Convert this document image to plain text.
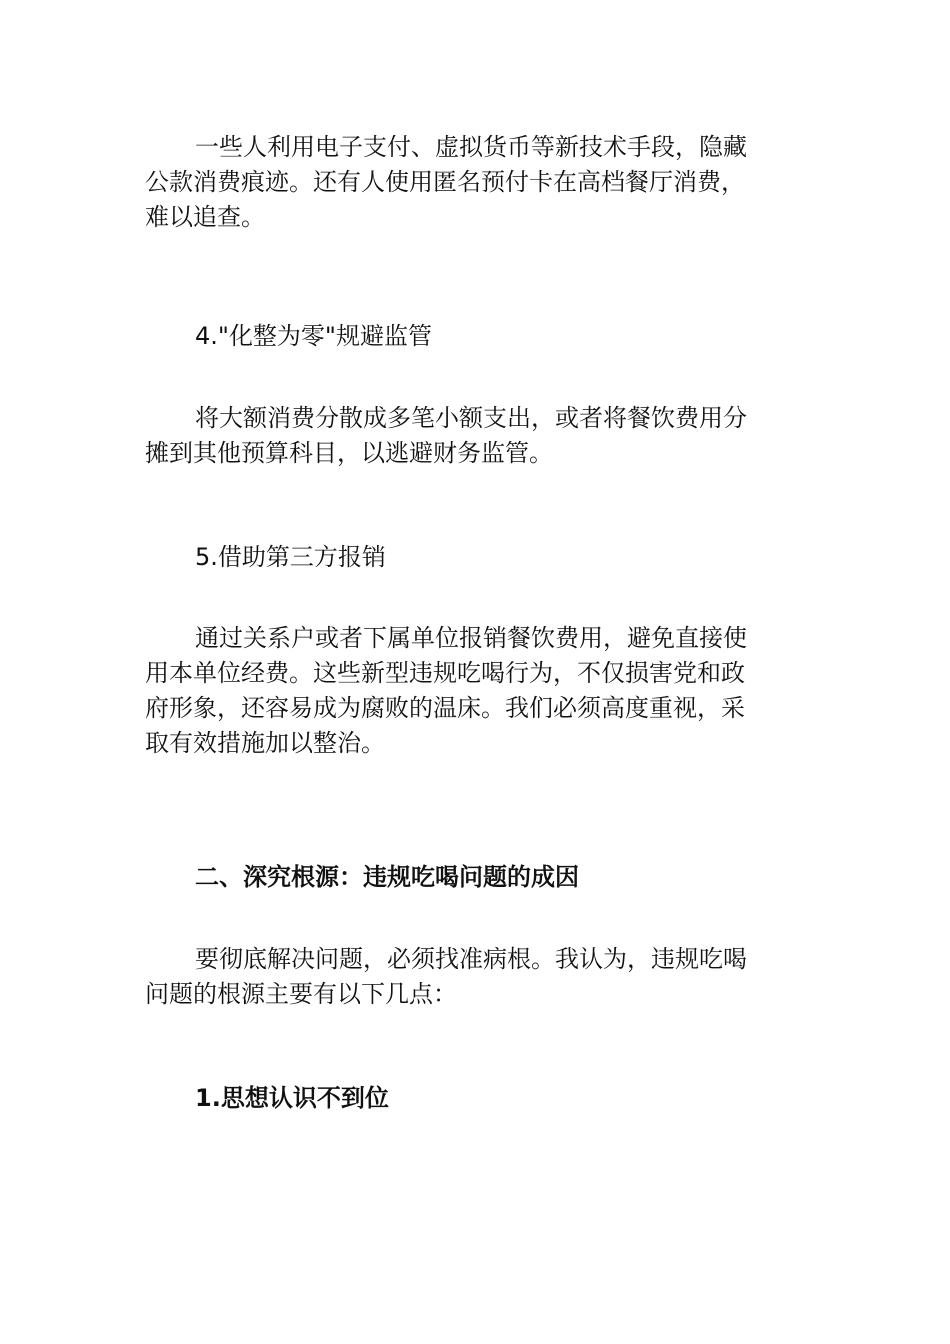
一些人利用电子支付、虚拟货币等新技术手段，隐藏
公款消费痕迹。还有人使用匿名预付卡在高档餐厅消费，
难以追查。
4."化整为零"规避监管
将大额消费分散成多笔小额支出，或者将餐饮费用分
摊到其他预算科目，以逃避财务监管。
5.借助第三方报销
通过关系户或者下属单位报销餐饮费用，避免直接使
用本单位经费。这些新型违规吃喝行为，不仅损害党和政
府形象，还容易成为腐败的温床。我们必须高度重视，采
取有效措施加以整治。
二、深究根源：违规吃喝问题的成因
要彻底解决问题，必须找准病根。我认为，违规吃喝
问题的根源主要有以下几点：
1.思想认识不到位
